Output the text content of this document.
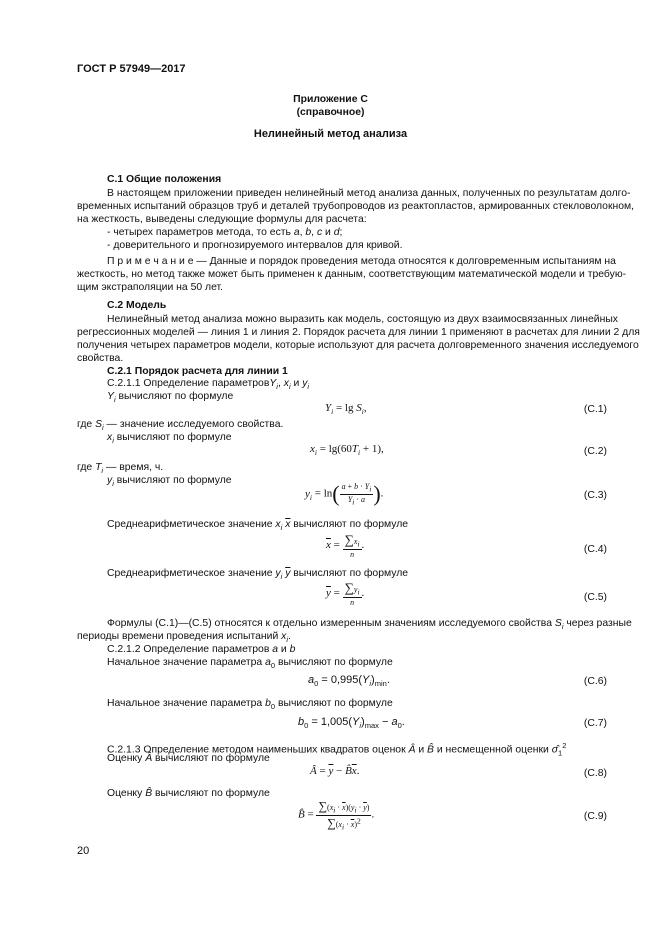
ГОСТ Р 57949—2017
Приложение С
(справочное)
Нелинейный метод анализа
С.1 Общие положения
В настоящем приложении приведен нелинейный метод анализа данных, полученных по результатам долго-
временных испытаний образцов труб и деталей трубопроводов из реактопластов, армированных стекловолокном,
на жесткость, выведены следующие формулы для расчета:
- четырех параметров метода, то есть a, b, c и d;
- доверительного и прогнозируемого интервалов для кривой.
П р и м е ч а н и е — Данные и порядок проведения метода относятся к долговременным испытаниям на
жесткость, но метод также может быть применен к данным, соответствующим математической модели и требую-
щим экстраполяции на 50 лет.
С.2 Модель
Нелинейный метод анализа можно выразить как модель, состоящую из двух взаимосвязанных линейных
регрессионных моделей — линия 1 и линия 2. Порядок расчета для линии 1 применяют в расчетах для линии 2 для
получения четырех параметров модели, которые используют для расчета долговременного значения исследуемого
свойства.
С.2.1 Порядок расчета для линии 1
С.2.1.1 Определение параметровY$_i$, $x_i$ и $y_i$
$Y_i$ вычисляют по формуле
$Y_i = \lg S_i$,	(С.1)
где $S_i$ — значение исследуемого свойства.
$x_i$ вычисляют по формуле
$x_i = \lg(60T_i + 1)$,	(С.2)
где $T_i$ — время, ч.
$y_i$ вычисляют по формуле
$y_i = \ln( \frac{a + b \cdot Y_i}{Y_i \cdot a}$ ).	(С.3)
Среднеарифметическое значение $x_i$ $\overline{x}$ вычисляют по формуле
$\overline{x} = \sum x_i$
n
.	(С.4)
Среднеарифметическое значение $y_i$ $\overline{y}$ вычисляют по формуле
$\overline{y} = \sum y_i$
n
.	(С.5)
Формулы (С.1)—(С.5) относятся к отдельно измеренным значениям исследуемого свойства $S_i$ через разные
периоды времени проведения испытаний $x_i$.
С.2.1.2 Определение параметров a и b
Начальное значение параметра $a_0$ вычисляют по формуле
$a_0 = 0,995(Y_i)_{min}$.	(С.6)
Начальное значение параметра $b_0$ вычисляют по формуле
$b_0 = 1,005(Y_i)_{max} - a_0$.	(С.7)
С.2.1.3 Определение методом наименьших квадратов оценок Â и B̂ и несмещенной оценки $\sigmâ_1^2$
Оценку Â вычисляют по формуле
Â = $\overline{y}$ − $B̂\overline{x}$.	(С.8)
Оценку B̂ вычисляют по формуле
B̂ = $\frac{\sum(x_i \cdot \overline{x})(y_i \cdot \overline{y})}{\sum(x_i \cdot \overline{x})^2}$ .	(С.9)
20
